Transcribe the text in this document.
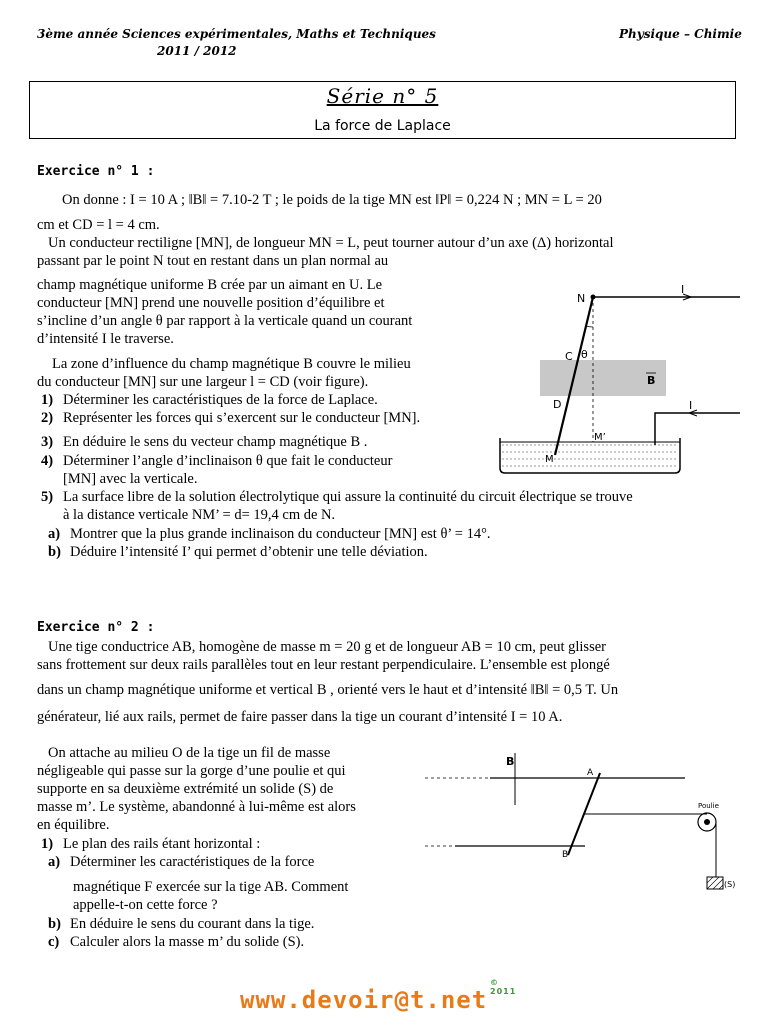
3ème année Sciences expérimentales, Maths et Techniques
2011 / 2012
Physique – Chimie
Série n° 5
La force de Laplace
Exercice n° 1 :
On donne : I = 10 A ; ‖B‖ = 7.10-2 T ; le poids de la tige MN est ‖P‖ = 0,224 N ; MN = L = 20
cm et CD = l = 4 cm.
Un conducteur rectiligne [MN], de longueur MN = L, peut tourner autour d’un axe (Δ) horizontal
passant par le point N tout en restant dans un plan normal au
champ magnétique uniforme B crée par un aimant en U. Le
conducteur [MN] prend une nouvelle position d’équilibre et
s’incline d’un angle θ par rapport à la verticale quand un courant
d’intensité I le traverse.
La zone d’influence du champ magnétique B couvre le milieu
du conducteur [MN] sur une largeur l = CD (voir figure).
1) Déterminer les caractéristiques de la force de Laplace.
2) Représenter les forces qui s’exercent sur le conducteur [MN].
3) En déduire le sens du vecteur champ magnétique B .
4) Déterminer l’angle d’inclinaison θ que fait le conducteur
[MN] avec la verticale.
5) La surface libre de la solution électrolytique qui assure la continuité du circuit électrique se trouve
à la distance verticale NM’ = d= 19,4 cm de N.
a) Montrer que la plus grande inclinaison du conducteur [MN] est θ’ = 14°.
b) Déduire l’intensité I’ qui permet d’obtenir une telle déviation.
N
C θ
D
M
M’
B
I
I
Exercice n° 2 :
Une tige conductrice AB, homogène de masse m = 20 g et de longueur AB = 10 cm, peut glisser
sans frottement sur deux rails parallèles tout en leur restant perpendiculaire. L’ensemble est plongé
dans un champ magnétique uniforme et vertical B , orienté vers le haut et d’intensité ‖B‖ = 0,5 T. Un
générateur, lié aux rails, permet de faire passer dans la tige un courant d’intensité I = 10 A.
On attache au milieu O de la tige un fil de masse
négligeable qui passe sur la gorge d’une poulie et qui
supporte en sa deuxième extrémité un solide (S) de
masse m’. Le système, abandonné à lui-même est alors
en équilibre.
1) Le plan des rails étant horizontal :
a) Déterminer les caractéristiques de la force
magnétique F exercée sur la tige AB. Comment
appelle-t-on cette force ?
b) En déduire le sens du courant dans la tige.
c) Calculer alors la masse m’ du solide (S).
B
A
B
Poulie
(S)
www.devoir@t.net
© 2011
